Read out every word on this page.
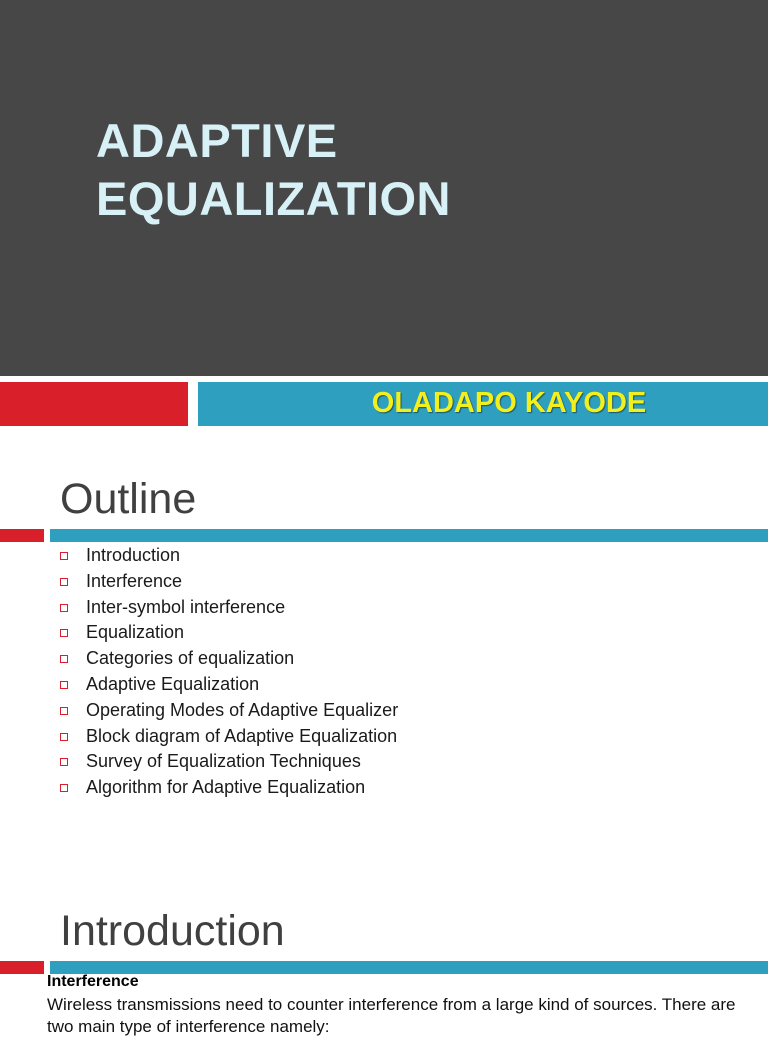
ADAPTIVE
EQUALIZATION
OLADAPO KAYODE
Outline
Introduction
Interference
Inter-symbol interference
Equalization
Categories of equalization
Adaptive Equalization
Operating Modes of Adaptive Equalizer
Block diagram of Adaptive Equalization
Survey of Equalization Techniques
Algorithm for Adaptive Equalization
Introduction
Interference

Wireless transmissions need to counter interference from a large kind of sources. There are two main type of interference namely:
